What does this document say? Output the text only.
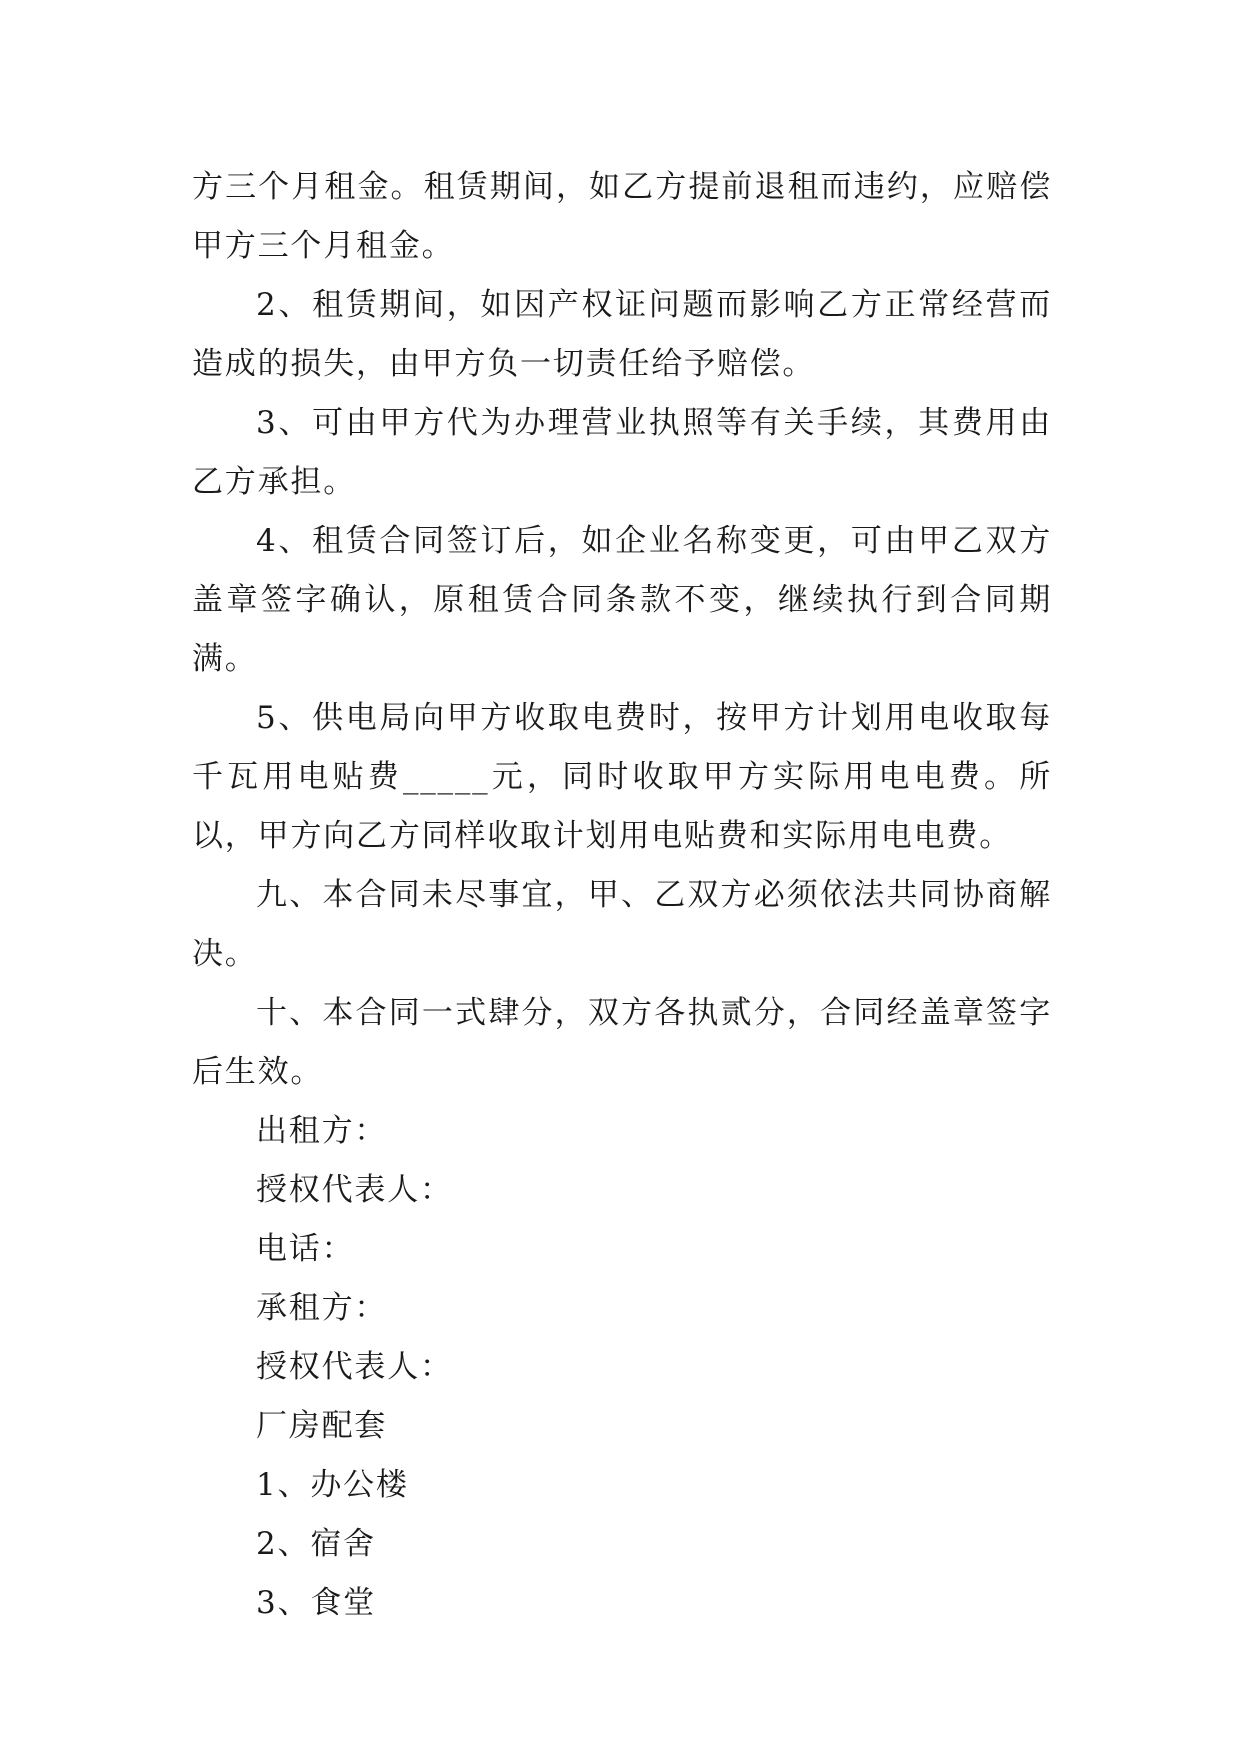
方三个月租金。租赁期间，如乙方提前退租而违约，应赔偿甲方三个月租金。

2、租赁期间，如因产权证问题而影响乙方正常经营而造成的损失，由甲方负一切责任给予赔偿。

3、可由甲方代为办理营业执照等有关手续，其费用由乙方承担。

4、租赁合同签订后，如企业名称变更，可由甲乙双方盖章签字确认，原租赁合同条款不变，继续执行到合同期满。

5、供电局向甲方收取电费时，按甲方计划用电收取每千瓦用电贴费_____元，同时收取甲方实际用电电费。所以，甲方向乙方同样收取计划用电贴费和实际用电电费。

九、本合同未尽事宜，甲、乙双方必须依法共同协商解决。

十、本合同一式肆分，双方各执贰分，合同经盖章签字后生效。

出租方：

授权代表人：

电话：

承租方：

授权代表人：

厂房配套

1、办公楼

2、宿舍

3、食堂
